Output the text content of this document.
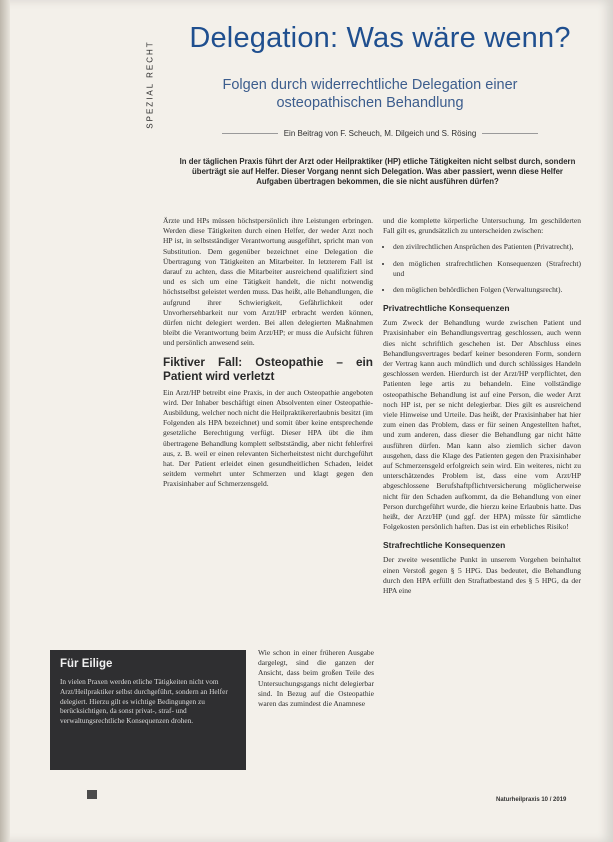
SPEZIAL RECHT
Delegation: Was wäre wenn?
Folgen durch widerrechtliche Delegation einer osteopathischen Behandlung
Ein Beitrag von F. Scheuch, M. Dilgeich und S. Rösing
In der täglichen Praxis führt der Arzt oder Heilpraktiker (HP) etliche Tätigkeiten nicht selbst durch, sondern überträgt sie auf Helfer. Dieser Vorgang nennt sich Delegation. Was aber passiert, wenn diese Helfer Aufgaben übertragen bekommen, die sie nicht ausführen dürfen?

Ärzte und HPs müssen höchstpersönlich ihre Leistungen erbringen. Werden diese Tätigkeiten durch einen Helfer, der weder Arzt noch HP ist, in selbstständiger Verantwortung ausgeführt, spricht man von Substitution. Dem gegenüber bezeichnet eine Delegation die Übertragung von Tätigkeiten an Mitarbeiter. In letzterem Fall ist darauf zu achten, dass die Mitarbeiter ausreichend qualifiziert sind und es sich um eine Tätigkeit handelt, die nicht notwendig höchstselbst geleistet werden muss. Das heißt, alle Behandlungen, die aufgrund ihrer Schwierigkeit, Gefährlichkeit oder Unvorhersehbarkeit nur vom Arzt/HP erbracht werden können, dürfen nicht delegiert werden. Bei allen delegierten Maßnahmen bleibt die Verantwortung beim Arzt/HP; er muss die Aufsicht führen und persönlich anwesend sein.

Fiktiver Fall: Osteopathie – ein Patient wird verletzt

Ein Arzt/HP betreibt eine Praxis, in der auch Osteopathie angeboten wird. Der Inhaber beschäftigt einen Absolventen einer Osteopathie-Ausbildung, welcher noch nicht die Heilpraktikererlaubnis besitzt (im Folgenden als HPA bezeichnet) und somit über keine entsprechende gesetzliche Berechtigung verfügt. Dieser HPA übt die ihm übertragene Behandlung komplett selbstständig, aber nicht fehlerfrei aus, z. B. weil er einen relevanten Sicherheitstest nicht durchgeführt hat. Der Patient erleidet einen gesundheitlichen Schaden, leidet seitdem vermehrt unter Schmerzen und klagt gegen den Praxisinhaber auf Schmerzensgeld.

Wie schon in einer früheren Ausgabe dargelegt, sind die ganzen der Ansicht, dass beim großen Teile des Untersuchungsgangs nicht delegierbar sind. In Bezug auf die Osteopathie waren das zumindest die Anamnese

und die komplette körperliche Untersuchung. Im geschilderten Fall gilt es, grundsätzlich zu unterscheiden zwischen:

• den zivilrechtlichen Ansprüchen des Patienten (Privatrecht),
• den möglichen strafrechtlichen Konsequenzen (Strafrecht) und
• den möglichen behördlichen Folgen (Verwaltungsrecht).
Privatrechtliche Konsequenzen

Zum Zweck der Behandlung wurde zwischen Patient und Praxisinhaber ein Behandlungsvertrag geschlossen, auch wenn dies nicht schriftlich geschehen ist. Der Abschluss eines Behandlungsvertrages bedarf keiner besonderen Form, sondern der Vertrag kann auch mündlich und durch schlüssiges Handeln geschlossen werden. Hierdurch ist der Arzt/HP verpflichtet, den Patienten lege artis zu behandeln. Eine vollständige osteopathische Behandlung ist auf eine Person, die weder Arzt noch HP ist, per se nicht delegierbar. Dies gilt es ausreichend viele Hinweise und Urteile. Das heißt, der Praxisinhaber hat hier zum einen das Problem, dass er für seinen Angestellten haftet, und zum anderen, dass dieser die Behandlung gar nicht hätte ausführen dürfen. Man kann also ziemlich sicher davon ausgehen, dass die Klage des Patienten gegen den Praxisinhaber auf Schmerzensgeld erfolgreich sein wird. Ein weiteres, nicht zu unterschätzendes Problem ist, dass eine vom Arzt/HP abgeschlossene Berufshaftpflichtversicherung möglicherweise nicht für den Schaden aufkommt, da die Behandlung von einer Person durchgeführt wurde, die hierzu keine Erlaubnis hatte. Das heißt, der Arzt/HP (und ggf. der HPA) müsste für sämtliche Folgekosten persönlich haften. Das ist ein erhebliches Risiko!

Strafrechtliche Konsequenzen

Der zweite wesentliche Punkt in unserem Vorgehen beinhaltet einen Verstoß gegen § 5 HPG. Das bedeutet, die Behandlung durch den HPA erfüllt den Straftatbestand des § 5 HPG, da der HPA eine

Für Eilige
In vielen Praxen werden etliche Tätigkeiten nicht vom Arzt/Heilpraktiker selbst durchgeführt, sondern an Helfer delegiert. Hierzu gilt es wichtige Bedingungen zu berücksichtigen, da sonst privat-, straf- und verwaltungsrechtliche Konsequenzen drohen.
Naturheilpraxis 10 / 2019
